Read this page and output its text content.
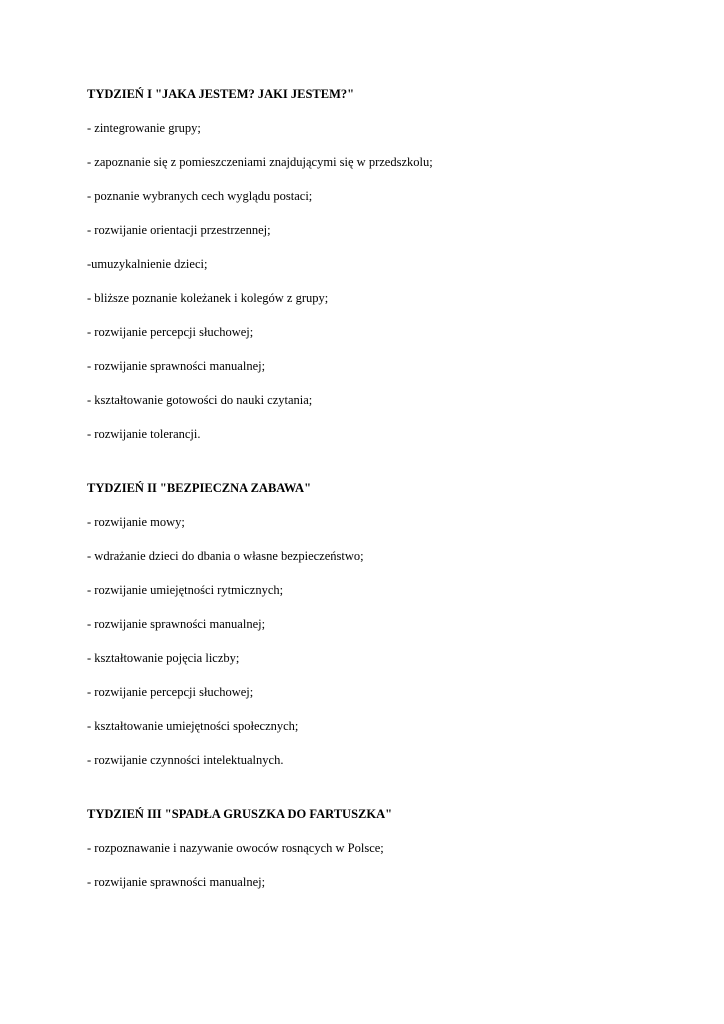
TYDZIEŃ I "JAKA JESTEM? JAKI JESTEM?"
- zintegrowanie grupy;
- zapoznanie się z pomieszczeniami znajdującymi się w przedszkolu;
- poznanie wybranych cech wyglądu postaci;
- rozwijanie orientacji przestrzennej;
-umuzykalnienie dzieci;
- bliższe poznanie koleżanek i kolegów z grupy;
- rozwijanie percepcji słuchowej;
- rozwijanie sprawności manualnej;
- kształtowanie gotowości do nauki czytania;
- rozwijanie tolerancji.
TYDZIEŃ II "BEZPIECZNA ZABAWA"
- rozwijanie mowy;
- wdrażanie dzieci do dbania o własne bezpieczeństwo;
- rozwijanie umiejętności rytmicznych;
- rozwijanie sprawności manualnej;
- kształtowanie pojęcia liczby;
- rozwijanie percepcji słuchowej;
- kształtowanie umiejętności społecznych;
- rozwijanie czynności intelektualnych.
TYDZIEŃ III "SPADŁA GRUSZKA DO FARTUSZKA"
- rozpoznawanie i nazywanie owoców rosnących w Polsce;
- rozwijanie sprawności manualnej;
